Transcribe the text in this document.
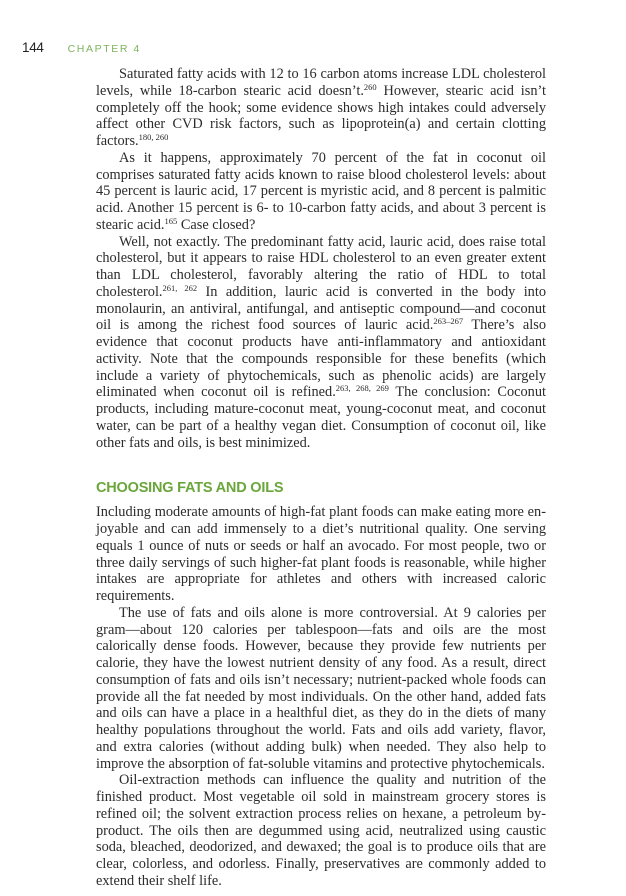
144 CHAPTER 4

Saturated fatty acids with 12 to 16 carbon atoms increase LDL cholesterol levels, while 18-carbon stearic acid doesn’t.$^{260}$ However, stearic acid isn’t completely off the hook; some evidence shows high intakes could adversely affect other CVD risk factors, such as lipoprotein(a) and certain clotting factors.$^{180, 260}$

As it happens, approximately 70 percent of the fat in coconut oil comprises saturated fatty acids known to raise blood cholesterol levels: about 45 percent is lauric acid, 17 percent is myristic acid, and 8 percent is palmitic acid. Another 15 percent is 6- to 10-carbon fatty acids, and about 3 percent is stearic acid.$^{165}$ Case closed?

Well, not exactly. The predominant fatty acid, lauric acid, does raise total cholesterol, but it appears to raise HDL cholesterol to an even greater extent than LDL cholesterol, favorably altering the ratio of HDL to total cholesterol.$^{261, 262}$ In addition, lauric acid is converted in the body into monolaurin, an antiviral, antifungal, and antiseptic compound—and coconut oil is among the richest food sources of lauric acid.$^{263-267}$ There’s also evidence that coconut products have anti-inflammatory and antioxidant activity. Note that the compounds responsible for these benefits (which include a variety of phytochemicals, such as phenolic acids) are largely eliminated when coconut oil is refined.$^{263, 268, 269}$ The conclusion: Coconut products, including mature-coconut meat, young-coconut meat, and coconut water, can be part of a healthy vegan diet. Consumption of coconut oil, like other fats and oils, is best minimized.

CHOOSING FATS AND OILS

Including moderate amounts of high-fat plant foods can make eating more enjoyable and can add immensely to a diet’s nutritional quality. One serving equals 1 ounce of nuts or seeds or half an avocado. For most people, two or three daily servings of such higher-fat plant foods is reasonable, while higher intakes are appropriate for athletes and others with increased caloric requirements.

The use of fats and oils alone is more controversial. At 9 calories per gram—about 120 calories per tablespoon—fats and oils are the most calorically dense foods. However, because they provide few nutrients per calorie, they have the lowest nutrient density of any food. As a result, direct consumption of fats and oils isn’t necessary; nutrient-packed whole foods can provide all the fat needed by most individuals. On the other hand, added fats and oils can have a place in a healthful diet, as they do in the diets of many healthy populations throughout the world. Fats and oils add variety, flavor, and extra calories (without adding bulk) when needed. They also help to improve the absorption of fat-soluble vitamins and protective phytochemicals.

Oil-extraction methods can influence the quality and nutrition of the finished product. Most vegetable oil sold in mainstream grocery stores is refined oil; the solvent extraction process relies on hexane, a petroleum by-product. The oils then are degummed using acid, neutralized using caustic soda, bleached, deodorized, and dewaxed; the goal is to produce oils that are clear, colorless, and odorless. Finally, preservatives are commonly added to extend their shelf life.
